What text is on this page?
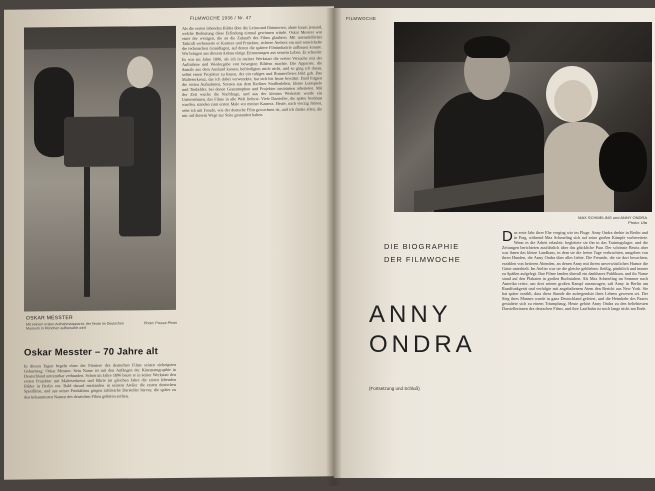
FILMWOCHE 1936 / Nr. 47
OSKAR MESSTER
Mit seinem ersten Aufnahmeapparat, der heute im Deutschen Museum in München aufbewahrt wird
Photo: Presse-Photo
Oskar Messter – 70 Jahre alt
In diesen Tagen begeht einer der Pioniere des deutschen Films seinen siebzigsten Geburtstag: Oskar Messter. Sein Name ist mit den Anfängen der Kinematographie in Deutschland untrennbar verbunden. Schon im Jahre 1896 baute er in seiner Werkstatt den ersten Projektor mit Malteserkreuz und führte im gleichen Jahre die ersten lebenden Bilder in Berlin vor. Bald darauf entstanden in seinem Atelier die ersten deutschen Spielfilme, und aus seiner Produktion gingen zahlreiche Darsteller hervor, die später zu den bekanntesten Namen des deutschen Films gehören sollten.
Als die ersten lebenden Bilder über die Leinwand flimmerten, ahnte kaum jemand, welche Bedeutung diese Erfindung einmal gewinnen würde. Oskar Messter war einer der wenigen, die an die Zukunft des Films glaubten. Mit unermüdlicher Tatkraft verbesserte er Kamera und Projektor, richtete Ateliers ein und entwickelte die technischen Grundlagen, auf denen die spätere Filmindustrie aufbauen konnte. Wir bringen aus diesem Anlass einige Erinnerungen aus seinem Leben. Er schreibt: Es war im Jahre 1896, als ich in meiner Werkstatt die ersten Versuche mit der Aufnahme und Wiedergabe von bewegten Bildern machte. Die Apparate, die damals aus dem Ausland kamen, befriedigten mich nicht, und so ging ich daran, selbst einen Projektor zu bauen, der ein ruhiges und flimmerfreies Bild gab. Das Malteserkreuz, das ich dabei verwendete, hat sich bis heute bewährt. Bald folgten die ersten Aufnahmen, Szenen aus dem Berliner Straßenleben, kleine Lustspiele und Tonbilder, bei denen Grammophon und Projektor zusammen arbeiteten. Mit der Zeit wuchs die Nachfrage, und aus der kleinen Werkstatt wurde ein Unternehmen, das Filme in alle Welt lieferte. Viele Darsteller, die später berühmt wurden, standen zum ersten Male vor meiner Kamera. Heute, nach vierzig Jahren, sehe ich mit Freude, wie der deutsche Film gewachsen ist, und ich danke allen, die mir auf diesem Wege zur Seite gestanden haben.
FILMWOCHE
MAX SCHMELING und ANNY ONDRA
Photo: Ufa
DIE BIOGRAPHIE
DER FILMWOCHE
ANNY
ONDRA
(Fortsetzung und Schluß)
Das erste Jahr ihrer Ehe verging wie im Fluge. Anny Ondra drehte in Berlin und in Prag, während Max Schmeling sich auf seine großen Kämpfe vorbereitete. Wenn es die Arbeit erlaubte, begleitete sie ihn in das Trainingslager, und die Zeitungen berichteten ausführlich über das glückliche Paar. Der schönste Besitz aber war ihnen das kleine Landhaus, in dem sie die freien Tage verbrachten, umgeben von ihren Hunden, die Anny Ondra über alles liebte. Die Freunde, die sie dort besuchten, erzählen von heiteren Abenden, an denen Anny mit ihrem unverwüstlichen Humor die Gäste unterhielt. Im Atelier war sie die gleiche geblieben: fleißig, pünktlich und immer zu Späßen aufgelegt. Ihre Filme fanden überall ein dankbares Publikum, und ihr Name stand auf den Plakaten in großen Buchstaben. Als Max Schmeling im Sommer nach Amerika reiste, um dort seinen großen Kampf auszutragen, saß Anny in Berlin am Rundfunkgerät und verfolgte mit angehaltenem Atem den Bericht aus New York. Sie hat später erzählt, dass diese Stunde die aufregendste ihres Lebens gewesen sei. Der Sieg ihres Mannes wurde in ganz Deutschland gefeiert, und die Heimkehr des Paares gestaltete sich zu einem Triumphzug. Heute gehört Anny Ondra zu den beliebtesten Darstellerinnen des deutschen Films, und ihre Laufbahn ist noch lange nicht am Ende.
